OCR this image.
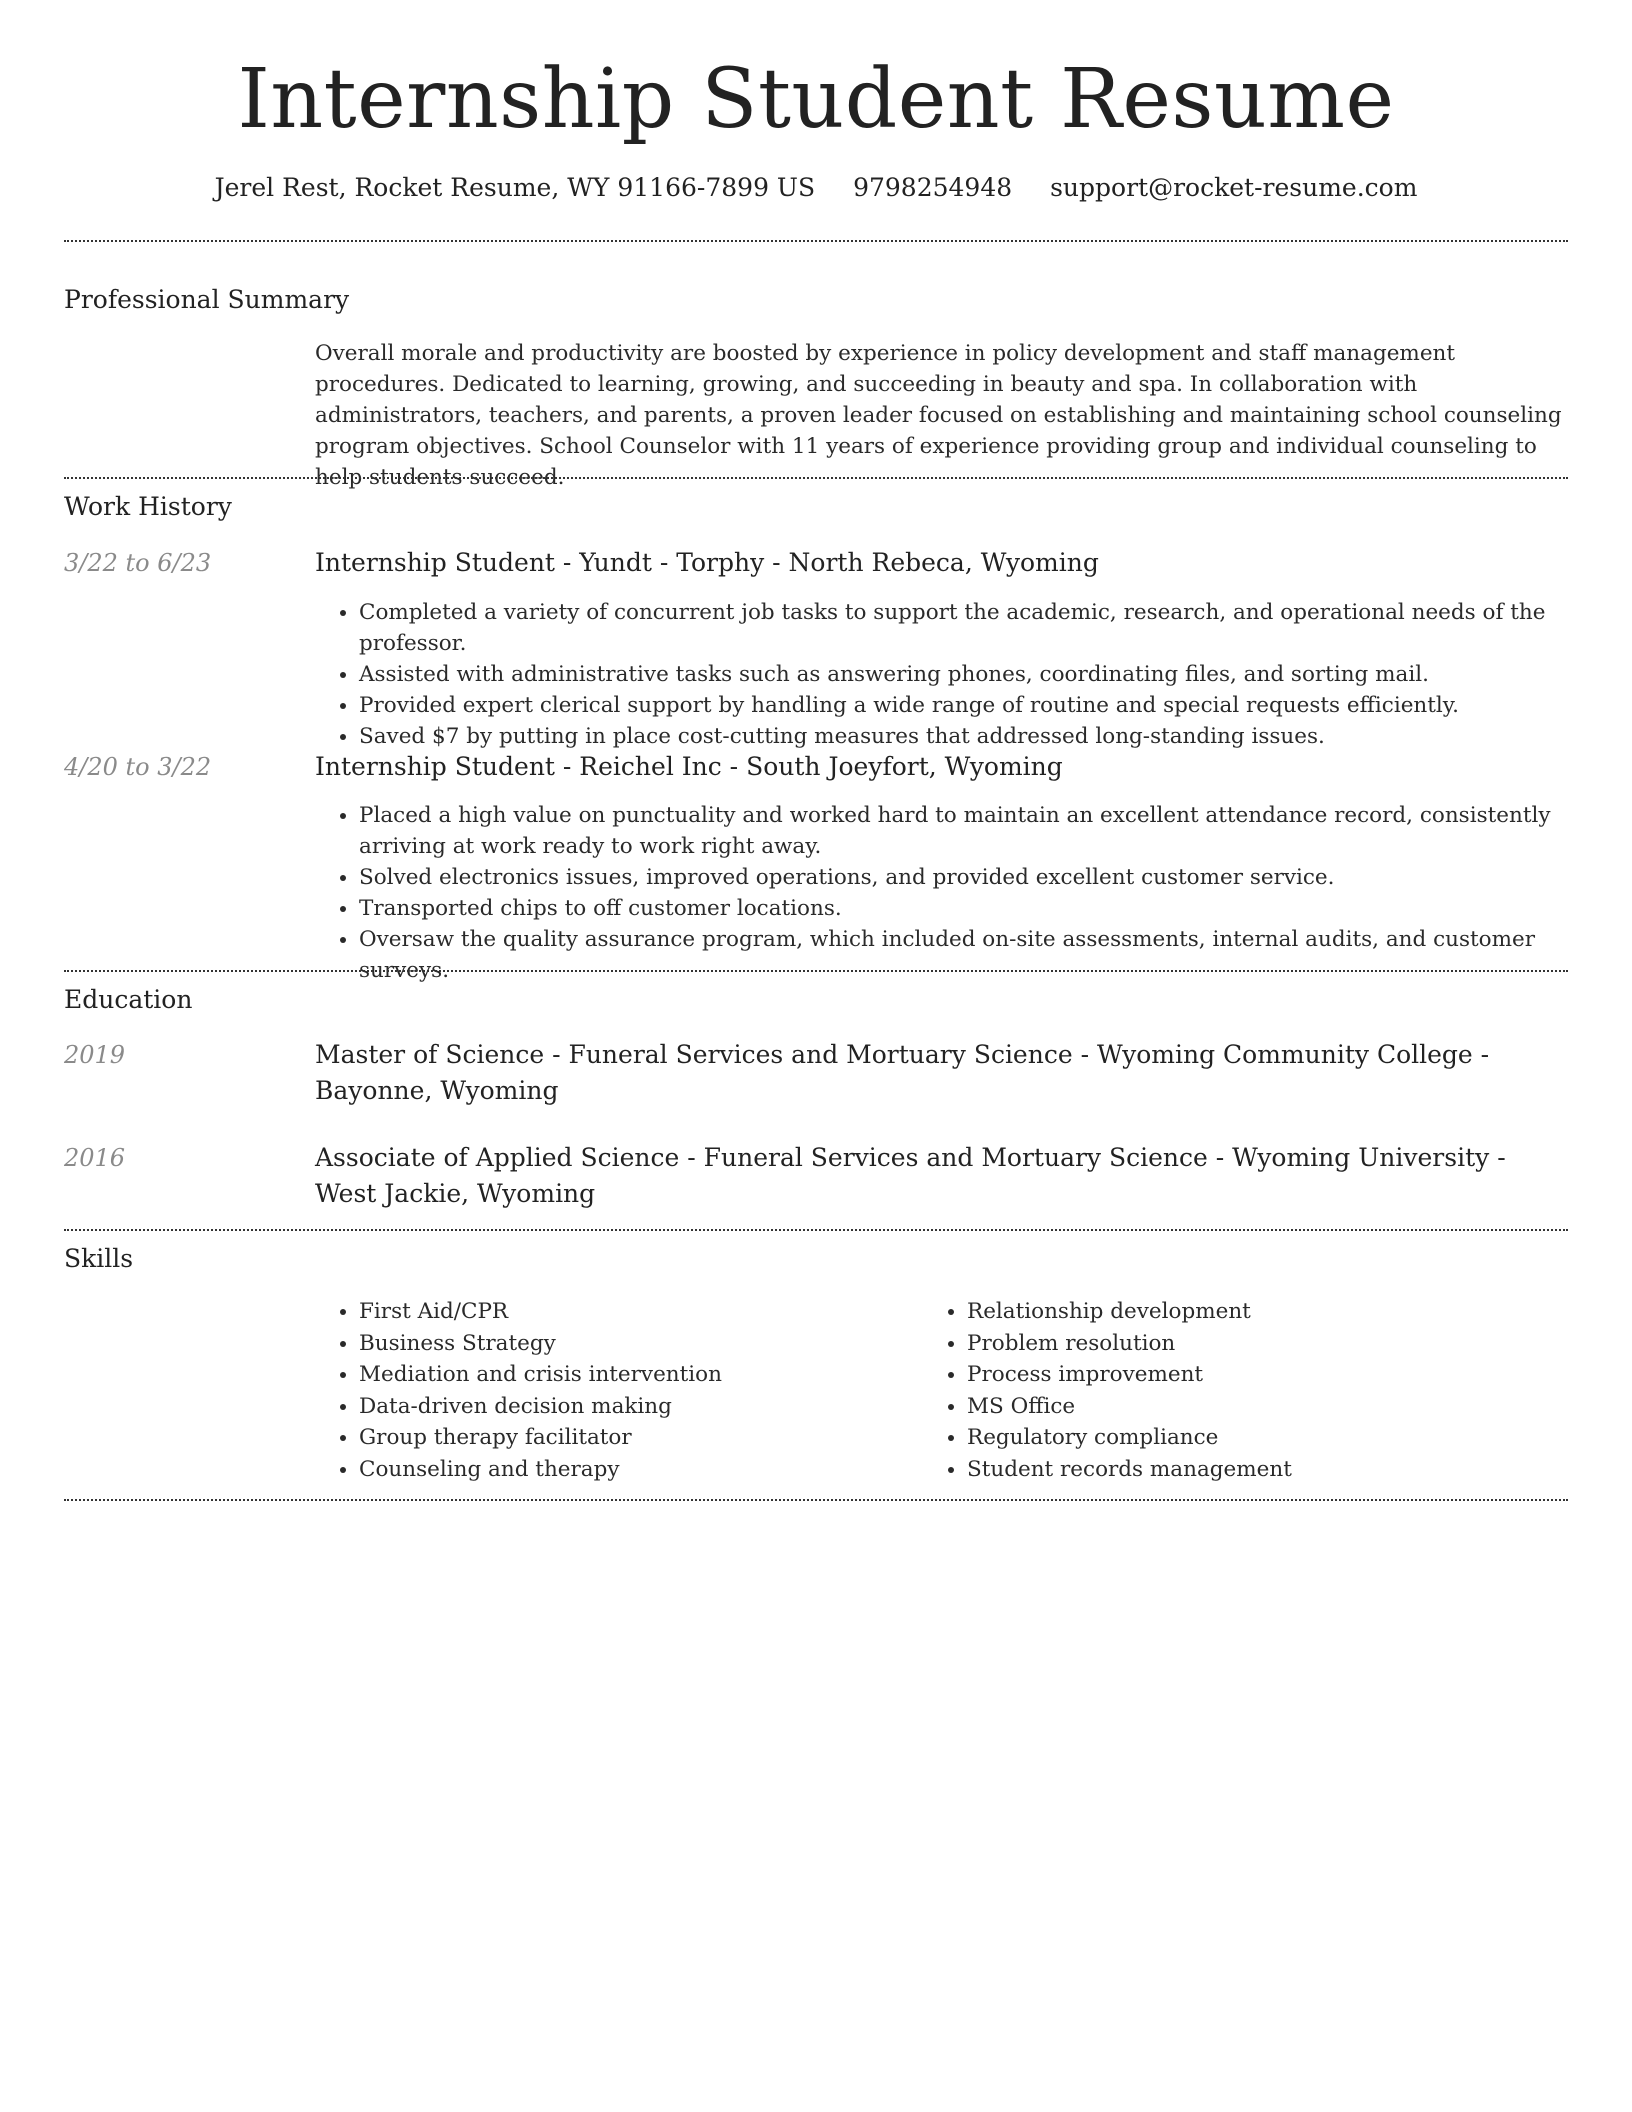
Internship Student Resume
Jerel Rest, Rocket Resume, WY 91166-7899 US 9798254948 support@rocket-resume.com
Professional Summary
Overall morale and productivity are boosted by experience in policy development and staff management procedures. Dedicated to learning, growing, and succeeding in beauty and spa. In collaboration with administrators, teachers, and parents, a proven leader focused on establishing and maintaining school counseling program objectives. School Counselor with 11 years of experience providing group and individual counseling to help students succeed.
Work History
3/22 to 6/23	Internship Student - Yundt - Torphy - North Rebeca, Wyoming
• Completed a variety of concurrent job tasks to support the academic, research, and operational needs of the professor.
• Assisted with administrative tasks such as answering phones, coordinating files, and sorting mail.
• Provided expert clerical support by handling a wide range of routine and special requests efficiently.
• Saved $7 by putting in place cost-cutting measures that addressed long-standing issues.
4/20 to 3/22	Internship Student - Reichel Inc - South Joeyfort, Wyoming
• Placed a high value on punctuality and worked hard to maintain an excellent attendance record, consistently arriving at work ready to work right away.
• Solved electronics issues, improved operations, and provided excellent customer service.
• Transported chips to off customer locations.
• Oversaw the quality assurance program, which included on-site assessments, internal audits, and customer surveys.
Education
2019	Master of Science - Funeral Services and Mortuary Science - Wyoming Community College - Bayonne, Wyoming
2016	Associate of Applied Science - Funeral Services and Mortuary Science - Wyoming University - West Jackie, Wyoming
Skills
• First Aid/CPR
• Business Strategy
• Mediation and crisis intervention
• Data-driven decision making
• Group therapy facilitator
• Counseling and therapy
• Relationship development
• Problem resolution
• Process improvement
• MS Office
• Regulatory compliance
• Student records management
